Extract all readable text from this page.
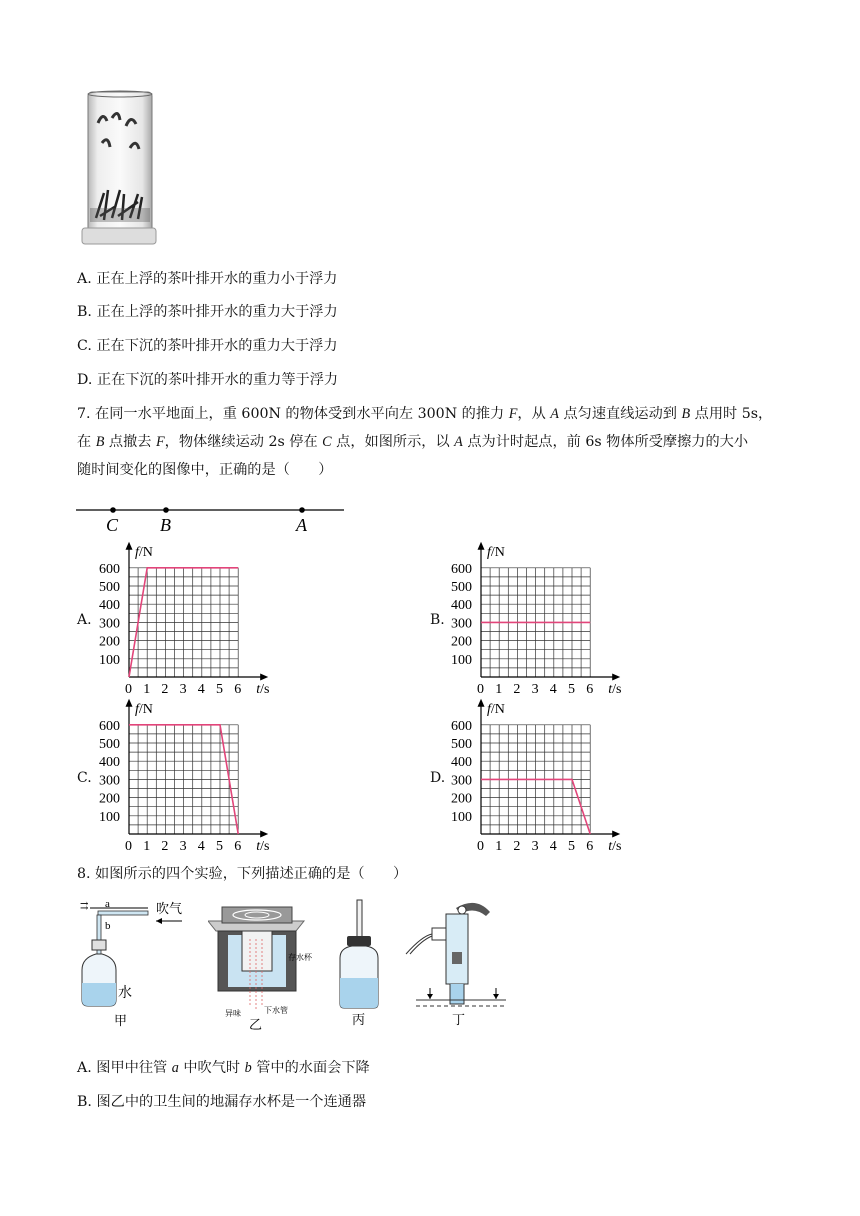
A. 正在上浮的茶叶排开水的重力小于浮力
B. 正在上浮的茶叶排开水的重力大于浮力
C. 正在下沉的茶叶排开水的重力大于浮力
D. 正在下沉的茶叶排开水的重力等于浮力
7. 在同一水平地面上，重 600N 的物体受到水平向左 300N 的推力 F，从 A 点匀速直线运动到 B 点用时 5s，
在 B 点撤去 F，物体继续运动 2s 停在 C 点，如图所示，以 A 点为计时起点，前 6s 物体所受摩擦力的大小
随时间变化的图像中，正确的是（　　）
C B	A
A.	B.
C.	D.
f/N
t/s
0 1 2 3 4 5 6
100
200
300
400
500
600
f/N
t/s
0 1 2 3 4 5 6
100
200
300
400
500
600
f/N
t/s
0 1 2 3 4 5 6
100
200
300
400
500
600
f/N
t/s
0 1 2 3 4 5 6
100
200
300
400
500
600
8. 如图所示的四个实验，下列描述正确的是（　　）
⇉ a
b
吹气
水
甲
存水杯
异味	下水管
乙	丙	丁
A. 图甲中往管 a 中吹气时 b 管中的水面会下降
B. 图乙中的卫生间的地漏存水杯是一个连通器
